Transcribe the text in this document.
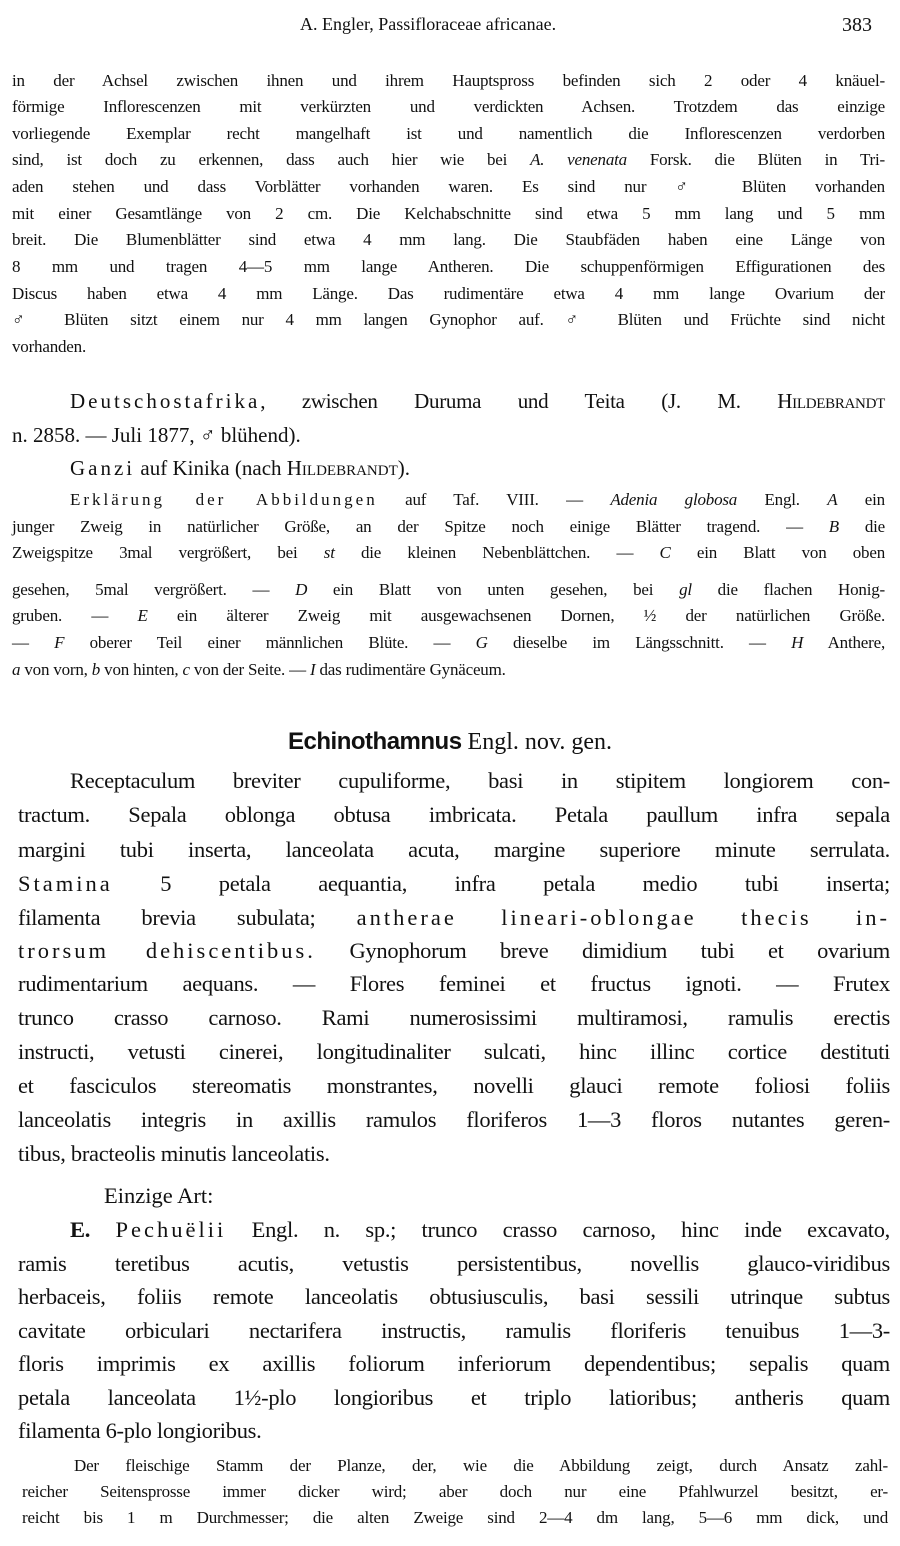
A. Engler, Passifloraceae africanae.	383

in der Achsel zwischen ihnen und ihrem Hauptspross befinden sich 2 oder 4 knäuel-

förmige Inflorescenzen mit verkürzten und verdickten Achsen. Trotzdem das einzige

vorliegende Exemplar recht mangelhaft ist und namentlich die Inflorescenzen verdorben

sind, ist doch zu erkennen, dass auch hier wie bei A. venenata Forsk. die Blüten in Tri-

aden stehen und dass Vorblätter vorhanden waren. Es sind nur ♂ Blüten vorhanden

mit einer Gesamtlänge von 2 cm. Die Kelchabschnitte sind etwa 5 mm lang und 5 mm

breit. Die Blumenblätter sind etwa 4 mm lang. Die Staubfäden haben eine Länge von

8 mm und tragen 4—5 mm lange Antheren. Die schuppenförmigen Effigurationen des

Discus haben etwa 4 mm Länge. Das rudimentäre etwa 4 mm lange Ovarium der

♂ Blüten sitzt einem nur 4 mm langen Gynophor auf. ♂ Blüten und Früchte sind nicht

vorhanden.

Deutschostafrika, zwischen Duruma und Teita (J. M. Hildebrandt

n. 2858. — Juli 1877, ♂ blühend).

Ganzi auf Kinika (nach Hildebrandt).

Erklärung der Abbildungen auf Taf. VIII. — Adenia globosa Engl. A ein

junger Zweig in natürlicher Größe, an der Spitze noch einige Blätter tragend. — B die

Zweigspitze 3mal vergrößert, bei st die kleinen Nebenblättchen. — C ein Blatt von oben

gesehen, 5mal vergrößert. — D ein Blatt von unten gesehen, bei gl die flachen Honig-

gruben. — E ein älterer Zweig mit ausgewachsenen Dornen, ½ der natürlichen Größe.

— F oberer Teil einer männlichen Blüte. — G dieselbe im Längsschnitt. — H Anthere,

a von vorn, b von hinten, c von der Seite. — I das rudimentäre Gynäceum.

Echinothamnus Engl. nov. gen.

Receptaculum breviter cupuliforme, basi in stipitem longiorem con-

tractum. Sepala oblonga obtusa imbricata. Petala paullum infra sepala

margini tubi inserta, lanceolata acuta, margine superiore minute serrulata.

Stamina 5 petala aequantia, infra petala medio tubi inserta;

filamenta brevia subulata; antherae lineari-oblongae thecis in-

trorsum dehiscentibus. Gynophorum breve dimidium tubi et ovarium

rudimentarium aequans. — Flores feminei et fructus ignoti. — Frutex

trunco crasso carnoso. Rami numerosissimi multiramosi, ramulis erectis

instructi, vetusti cinerei, longitudinaliter sulcati, hinc illinc cortice destituti

et fasciculos stereomatis monstrantes, novelli glauci remote foliosi foliis

lanceolatis integris in axillis ramulos floriferos 1—3 floros nutantes geren-

tibus, bracteolis minutis lanceolatis.

Einzige Art:

E. Pechuëlii Engl. n. sp.; truncо crasso carnoso, hinc inde excavato,

ramis teretibus acutis, vetustis persistentibus, novellis glauco-viridibus

herbaceis, foliis remote lanceolatis obtusiusculis, basi sessili utrinque subtus

cavitate orbiculari nectarifera instructis, ramulis floriferis tenuibus 1—3-

floris imprimis ex axillis foliorum inferiorum dependentibus; sepalis quam

petala lanceolata 1½-plo longioribus et triplo latioribus; antheris quam

filamenta 6-plo longioribus.

Der fleischige Stamm der Planze, der, wie die Abbildung zeigt, durch Ansatz zahl-

reicher Seitensprosse immer dicker wird; aber doch nur eine Pfahlwurzel besitzt, er-

reicht bis 1 m Durchmesser; die alten Zweige sind 2—4 dm lang, 5—6 mm dick, und
